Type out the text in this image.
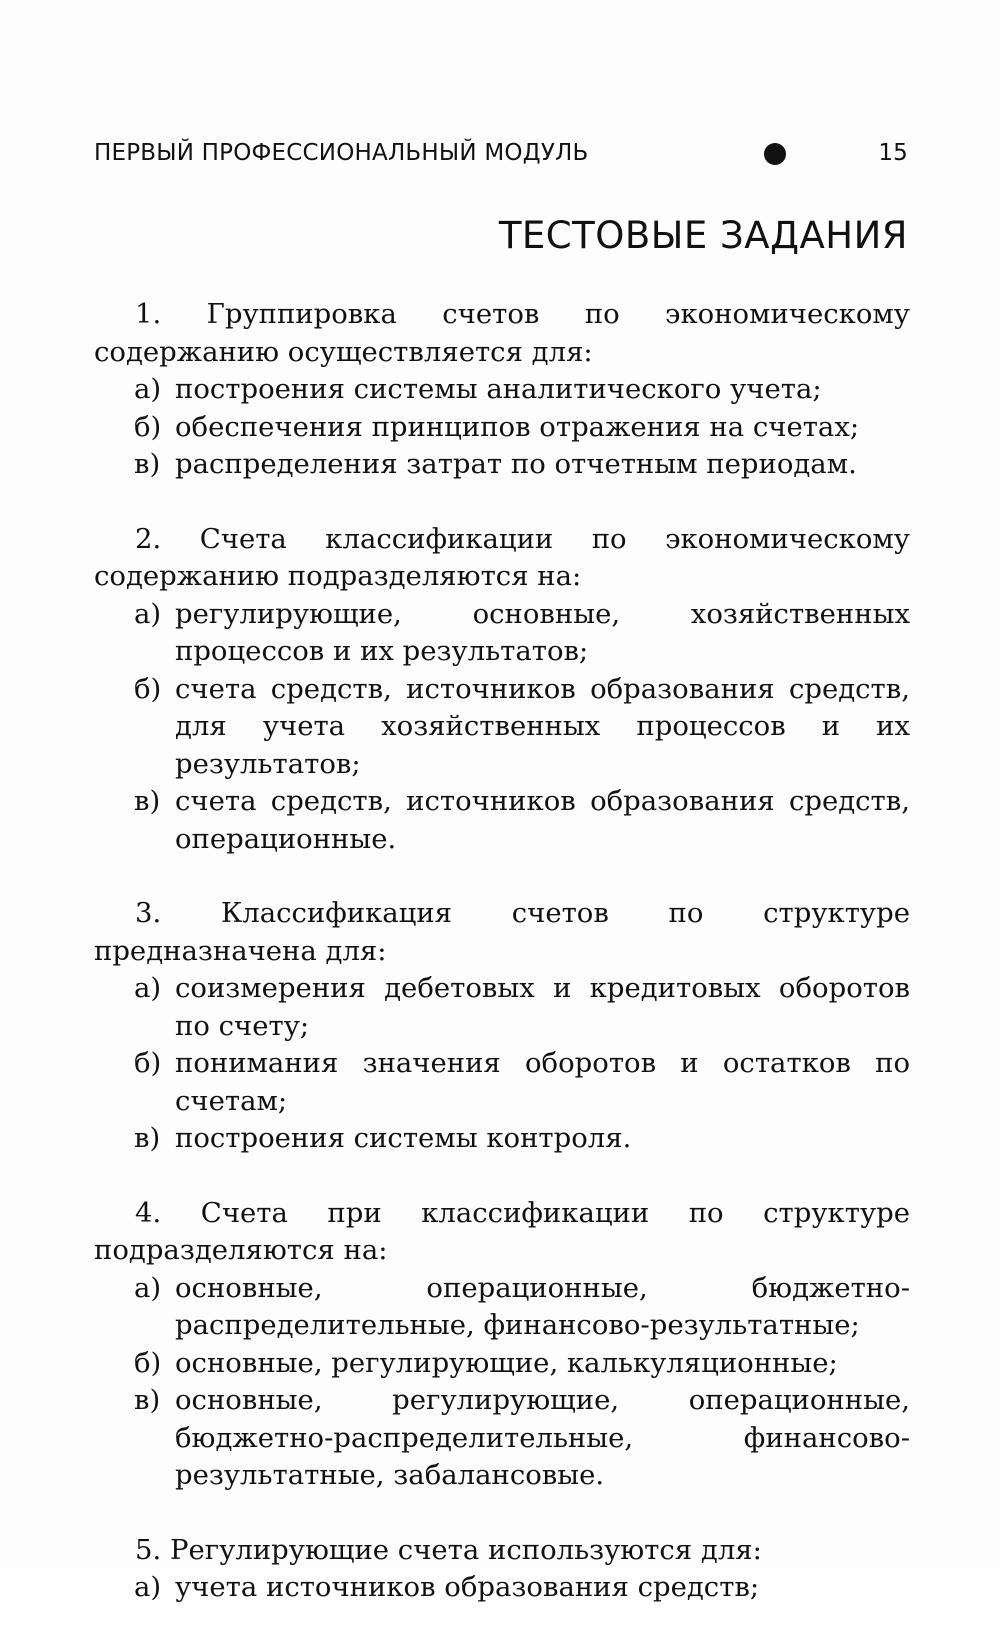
ПЕРВЫЙ ПРОФЕССИОНАЛЬНЫЙ МОДУЛЬ	15
ТЕСТОВЫЕ ЗАДАНИЯ
1. Группировка счетов по экономическому содержанию осуществляется для:
а) построения системы аналитического учета;
б) обеспечения принципов отражения на счетах;
в) распределения затрат по отчетным периодам.
2. Счета классификации по экономическому содержанию подразделяются на:
а) регулирующие, основные, хозяйственных процессов и их результатов;
б) счета средств, источников образования средств, для учета хозяйственных процессов и их результатов;
в) счета средств, источников образования средств, операционные.
3. Классификация счетов по структуре предназначена для:
а) соизмерения дебетовых и кредитовых оборотов по счету;
б) понимания значения оборотов и остатков по счетам;
в) построения системы контроля.
4. Счета при классификации по структуре подразделяются на:
а) основные, операционные, бюджетно-распределительные, финансово-результатные;
б) основные, регулирующие, калькуляционные;
в) основные, регулирующие, операционные, бюджетно-распределительные, финансово-результатные, забалансовые.
5. Регулирующие счета используются для:
а) учета источников образования средств;
